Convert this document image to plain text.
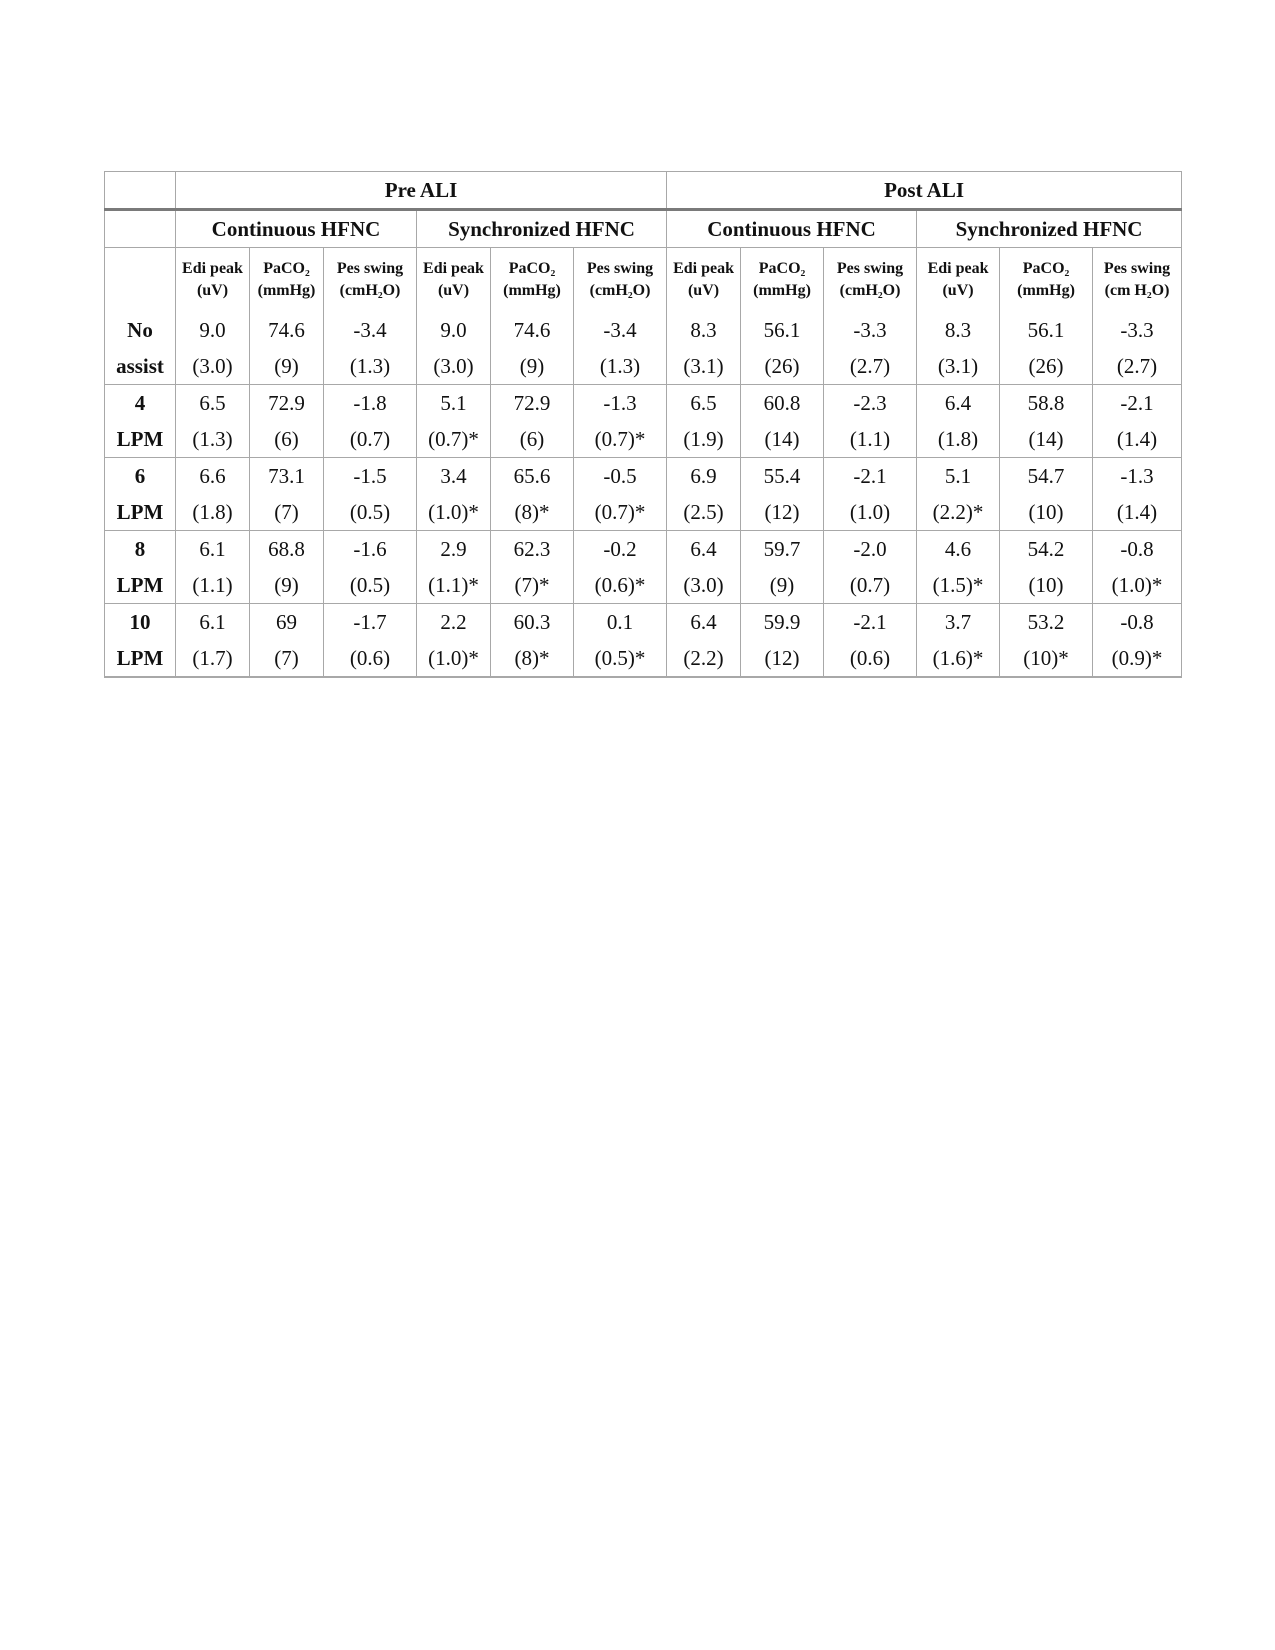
	Pre ALI						Post ALI					
	Continuous HFNC			Synchronized HFNC			Continuous HFNC			Synchronized HFNC		
	Edi peak (uV)	PaCO₂ (mmHg)	Pes swing (cmH₂O)	Edi peak (uV)	PaCO₂ (mmHg)	Pes swing (cmH₂O)	Edi peak (uV)	PaCO₂ (mmHg)	Pes swing (cmH₂O)	Edi peak (uV)	PaCO₂ (mmHg)	Pes swing (cm H₂O)
No	9.0	74.6	-3.4	9.0	74.6	-3.4	8.3	56.1	-3.3	8.3	56.1	-3.3
assist	(3.0)	(9)	(1.3)	(3.0)	(9)	(1.3)	(3.1)	(26)	(2.7)	(3.1)	(26)	(2.7)
4	6.5	72.9	-1.8	5.1	72.9	-1.3	6.5	60.8	-2.3	6.4	58.8	-2.1
LPM	(1.3)	(6)	(0.7)	(0.7)*	(6)	(0.7)*	(1.9)	(14)	(1.1)	(1.8)	(14)	(1.4)
6	6.6	73.1	-1.5	3.4	65.6	-0.5	6.9	55.4	-2.1	5.1	54.7	-1.3
LPM	(1.8)	(7)	(0.5)	(1.0)*	(8)*	(0.7)*	(2.5)	(12)	(1.0)	(2.2)*	(10)	(1.4)
8	6.1	68.8	-1.6	2.9	62.3	-0.2	6.4	59.7	-2.0	4.6	54.2	-0.8
LPM	(1.1)	(9)	(0.5)	(1.1)*	(7)*	(0.6)*	(3.0)	(9)	(0.7)	(1.5)*	(10)	(1.0)*
10	6.1	69	-1.7	2.2	60.3	0.1	6.4	59.9	-2.1	3.7	53.2	-0.8
LPM	(1.7)	(7)	(0.6)	(1.0)*	(8)*	(0.5)*	(2.2)	(12)	(0.6)	(1.6)*	(10)*	(0.9)*
